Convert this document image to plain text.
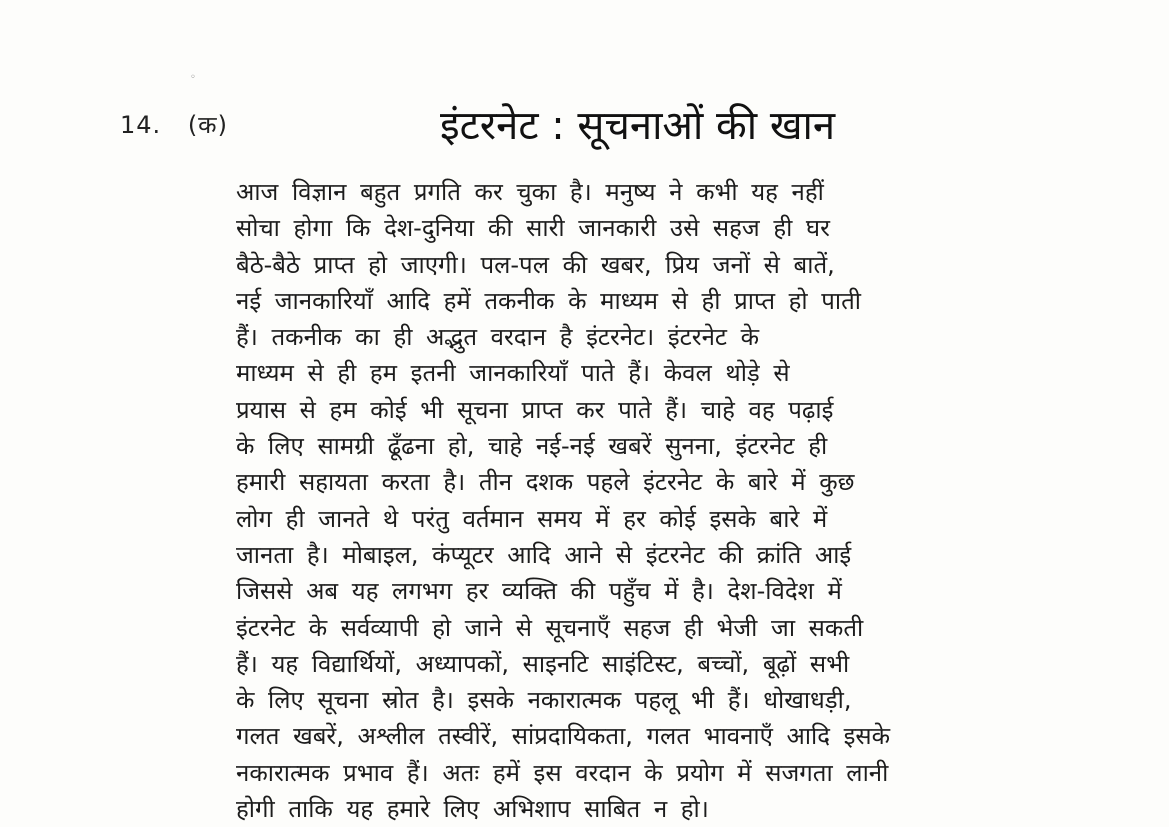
◦
14. (क)	इंटरनेट : सूचनाओं की खान
आज विज्ञान बहुत प्रगति कर चुका है। मनुष्य ने कभी यह नहीं
सोचा होगा कि देश-दुनिया की सारी जानकारी उसे सहज ही घर
बैठे-बैठे प्राप्त हो जाएगी। पल-पल की खबर, प्रिय जनों से बातें,
नई जानकारियाँ आदि हमें तकनीक के माध्यम से ही प्राप्त हो पाती
हैं। तकनीक का ही अद्भुत वरदान है इंटरनेट। इंटरनेट के
माध्यम से ही हम इतनी जानकारियाँ पाते हैं। केवल थोड़े से
प्रयास से हम कोई भी सूचना प्राप्त कर पाते हैं। चाहे वह पढ़ाई
के लिए सामग्री ढूँढना हो, चाहे नई-नई खबरें सुनना, इंटरनेट ही
हमारी सहायता करता है। तीन दशक पहले इंटरनेट के बारे में कुछ
लोग ही जानते थे परंतु वर्तमान समय में हर कोई इसके बारे में
जानता है। मोबाइल, कंप्यूटर आदि आने से इंटरनेट की क्रांति आई
जिससे अब यह लगभग हर व्यक्ति की पहुँच में है। देश-विदेश में
इंटरनेट के सर्वव्यापी हो जाने से सूचनाएँ सहज ही भेजी जा सकती
हैं। यह विद्यार्थियों, अध्यापकों, साइनटि साइंटिस्ट, बच्चों, बूढ़ों सभी
के लिए सूचना स्रोत है। इसके नकारात्मक पहलू भी हैं। धोखाधड़ी,
गलत खबरें, अश्लील तस्वीरें, सांप्रदायिकता, गलत भावनाएँ आदि इसके
नकारात्मक प्रभाव हैं। अतः हमें इस वरदान के प्रयोग में सजगता लानी
होगी ताकि यह हमारे लिए अभिशाप साबित न हो।
